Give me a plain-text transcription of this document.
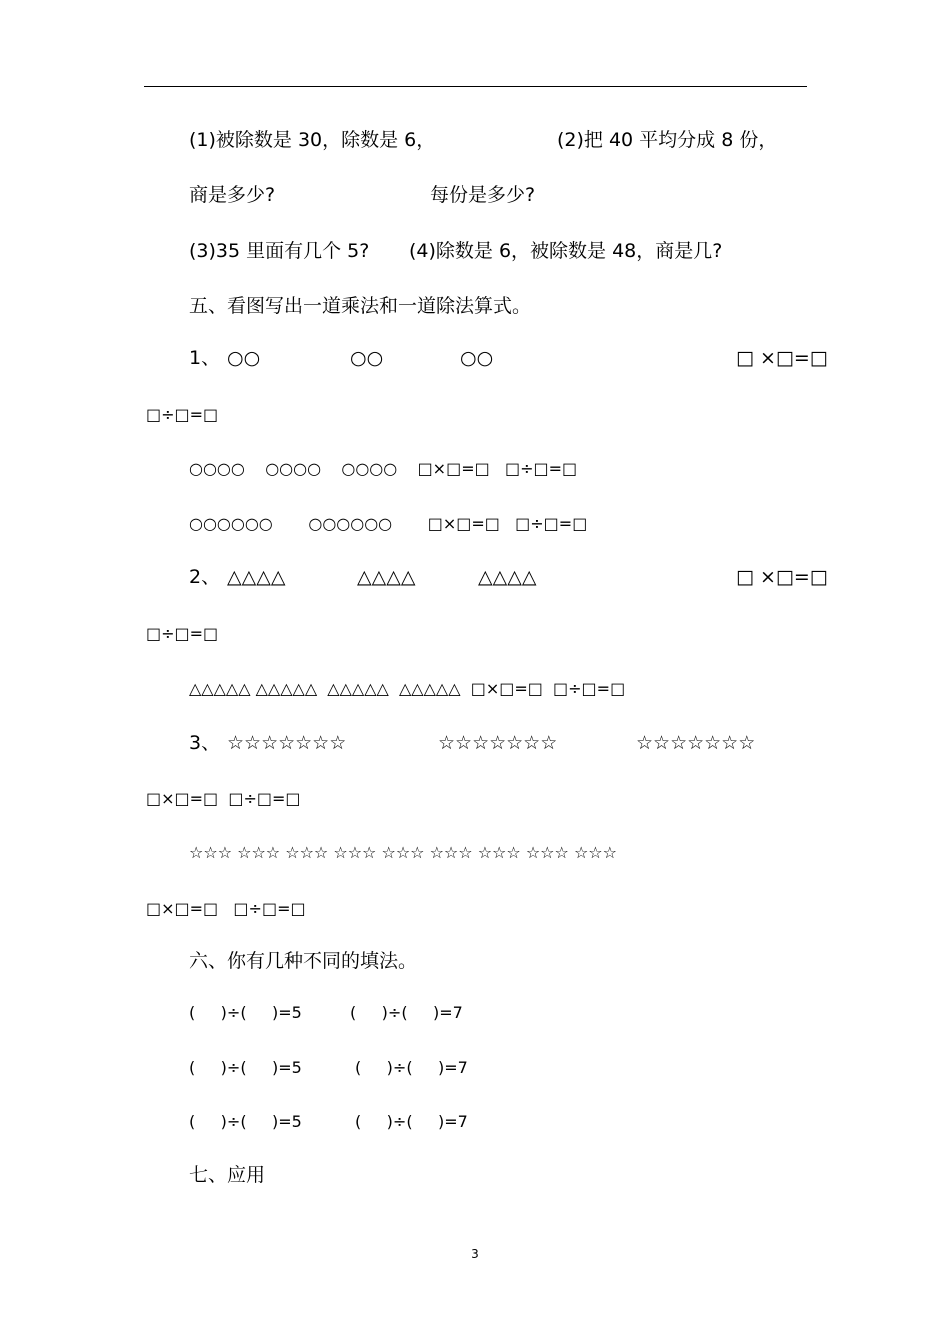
(1)被除数是 30，除数是 6，	(2)把 40 平均分成 8 份，
商是多少?	每份是多少?
(3)35 里面有几个 5? (4)除数是 6，被除数是 48，商是几?
五、看图写出一道乘法和一道除法算式。
1、 ○○	○○	○○	□ ×□=□
□÷□=□
○○○○    ○○○○    ○○○○    □×□=□   □÷□=□
○○○○○○       ○○○○○○       □×□=□   □÷□=□
2、 △△△△	△△△△	△△△△	□ ×□=□
□÷□=□
△△△△△ △△△△△  △△△△△  △△△△△  □×□=□  □÷□=□
3、 ☆☆☆☆☆☆☆	☆☆☆☆☆☆☆	☆☆☆☆☆☆☆
□×□=□  □÷□=□
☆☆☆ ☆☆☆ ☆☆☆ ☆☆☆ ☆☆☆ ☆☆☆ ☆☆☆ ☆☆☆ ☆☆☆
□×□=□   □÷□=□
六、你有几种不同的填法。
(     )÷(     )=5	(     )÷(     )=7
(     )÷(     )=5	(     )÷(     )=7
(     )÷(     )=5	(     )÷(     )=7
七、应用
3
